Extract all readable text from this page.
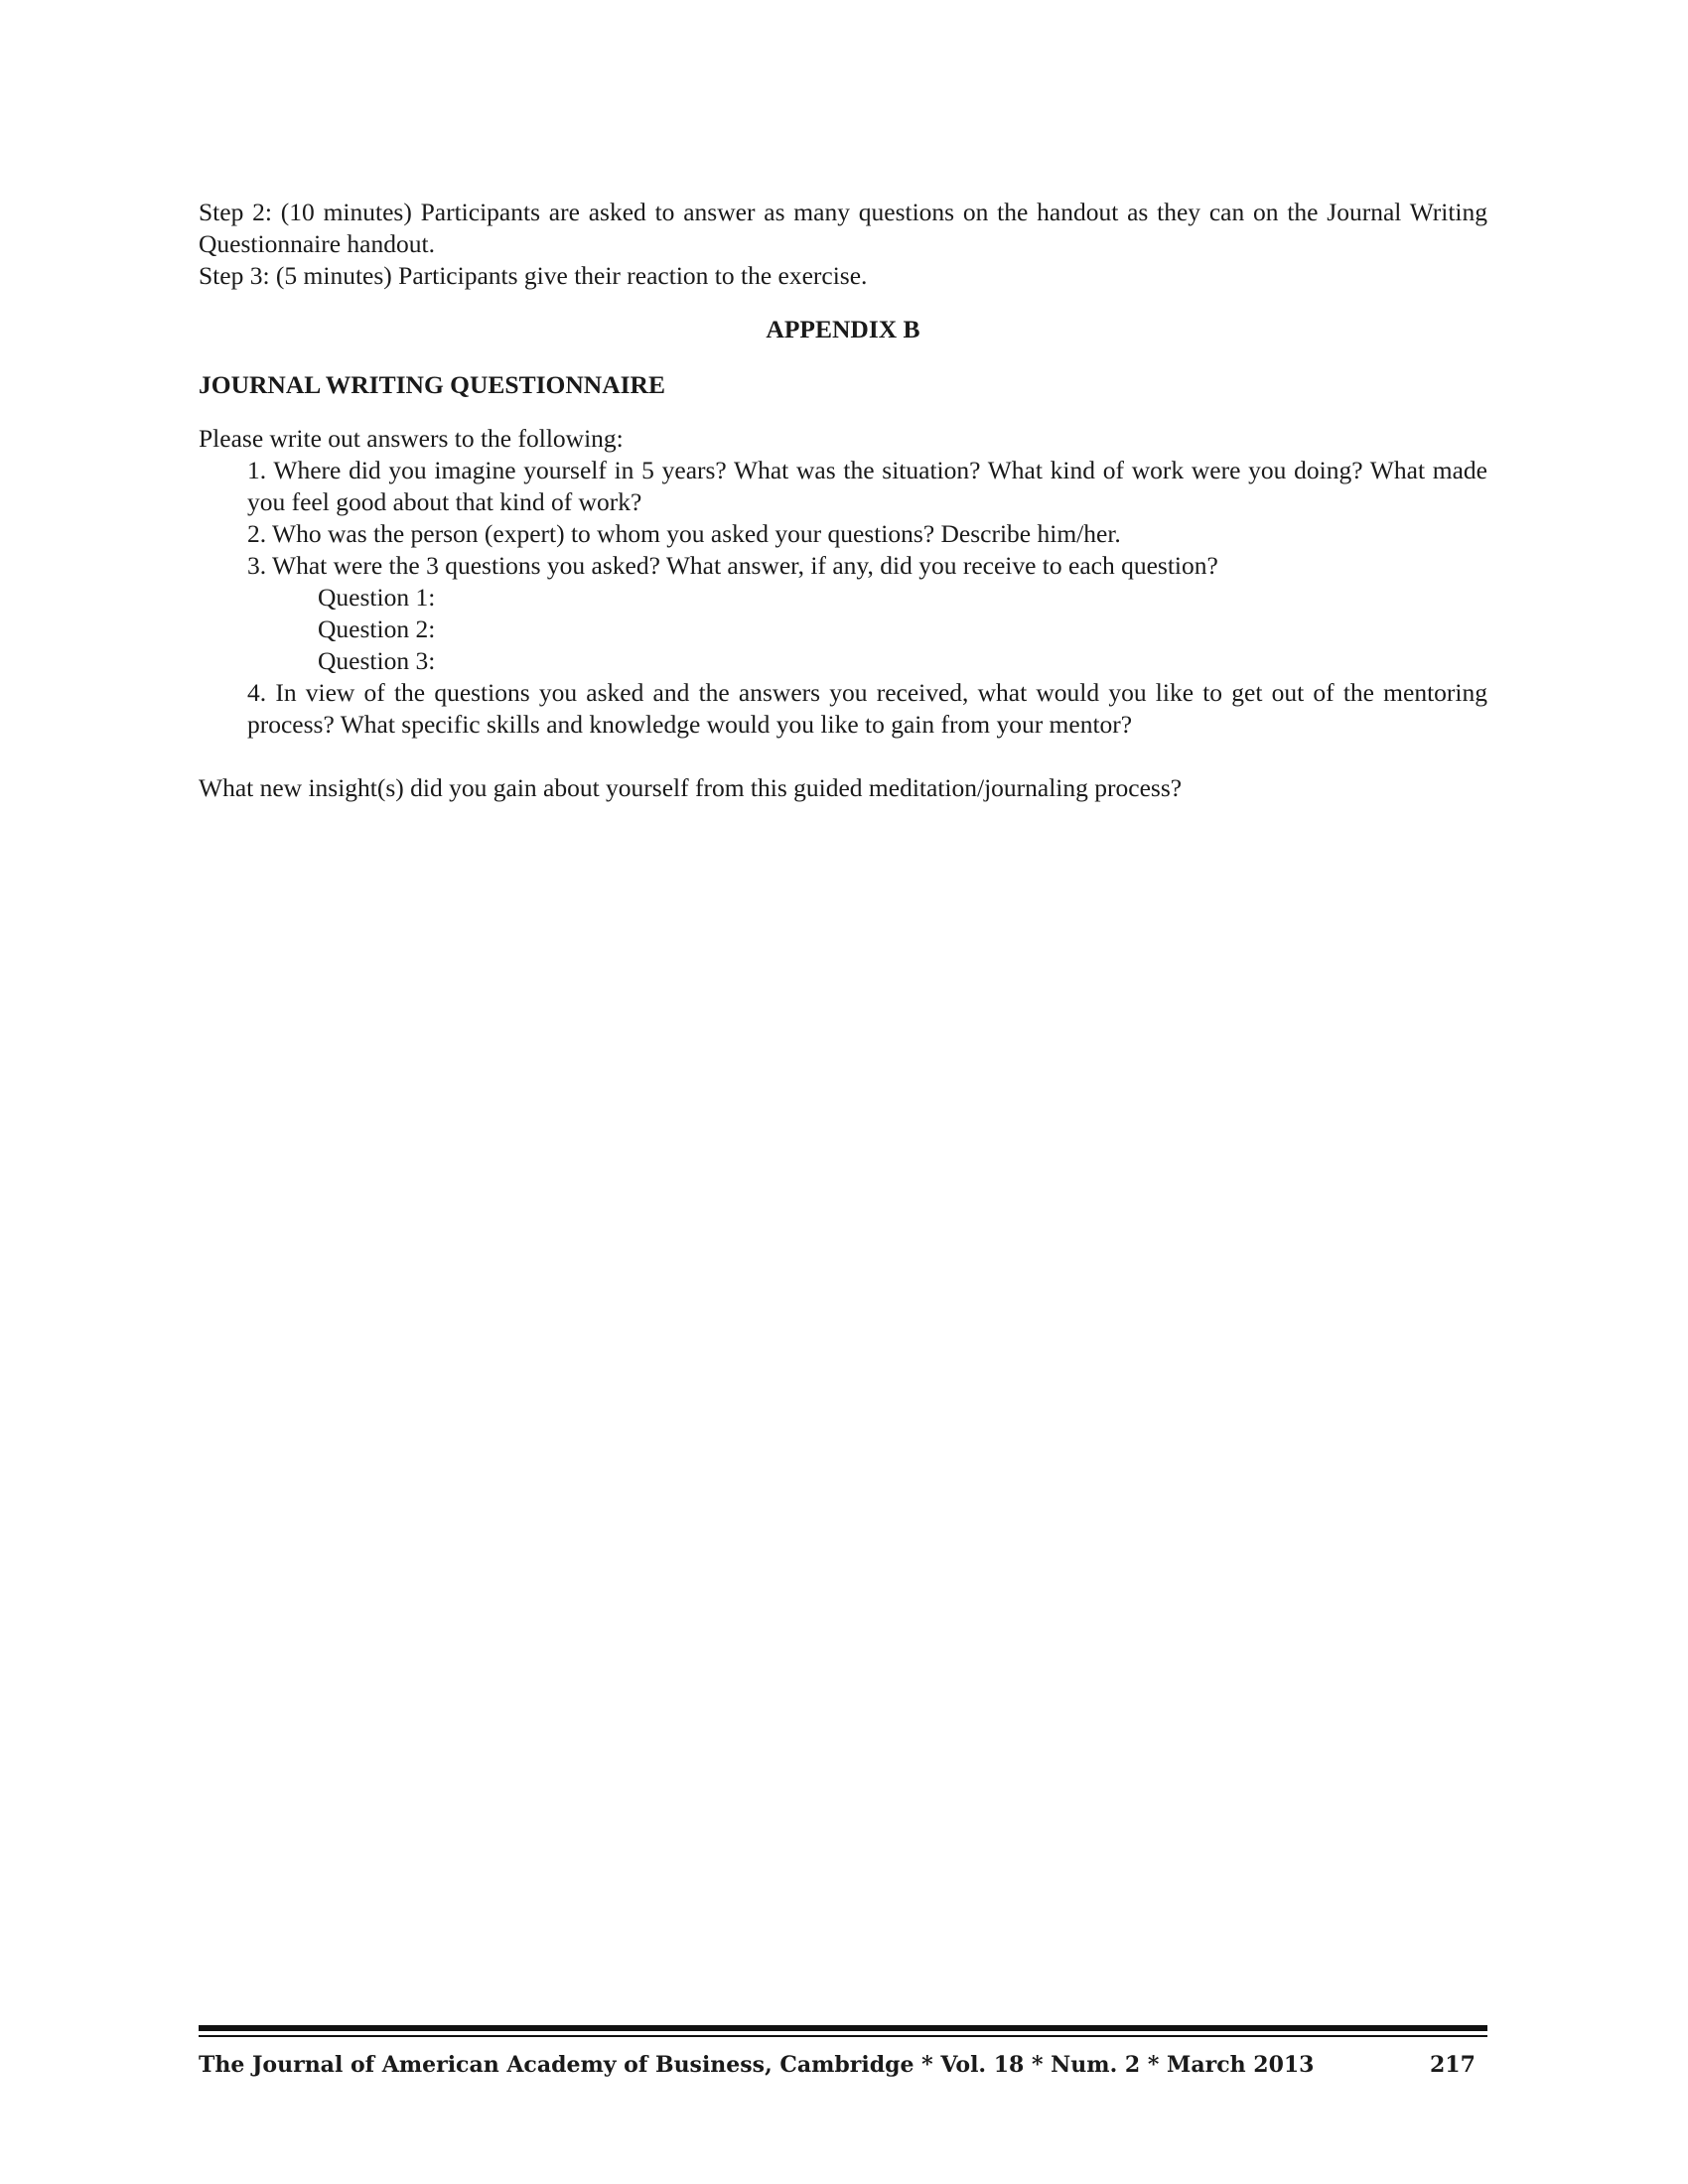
Step 2: (10 minutes) Participants are asked to answer as many questions on the handout as they can on the Journal Writing Questionnaire handout.

Step 3: (5 minutes) Participants give their reaction to the exercise.

APPENDIX B

JOURNAL WRITING QUESTIONNAIRE

Please write out answers to the following:

1. Where did you imagine yourself in 5 years? What was the situation? What kind of work were you doing? What made you feel good about that kind of work?

2. Who was the person (expert) to whom you asked your questions? Describe him/her.

3. What were the 3 questions you asked? What answer, if any, did you receive to each question?

Question 1:

Question 2:

Question 3:

4. In view of the questions you asked and the answers you received, what would you like to get out of the mentoring process? What specific skills and knowledge would you like to gain from your mentor?

What new insight(s) did you gain about yourself from this guided meditation/journaling process?

The Journal of American Academy of Business, Cambridge * Vol. 18 * Num. 2 * March 2013	217
